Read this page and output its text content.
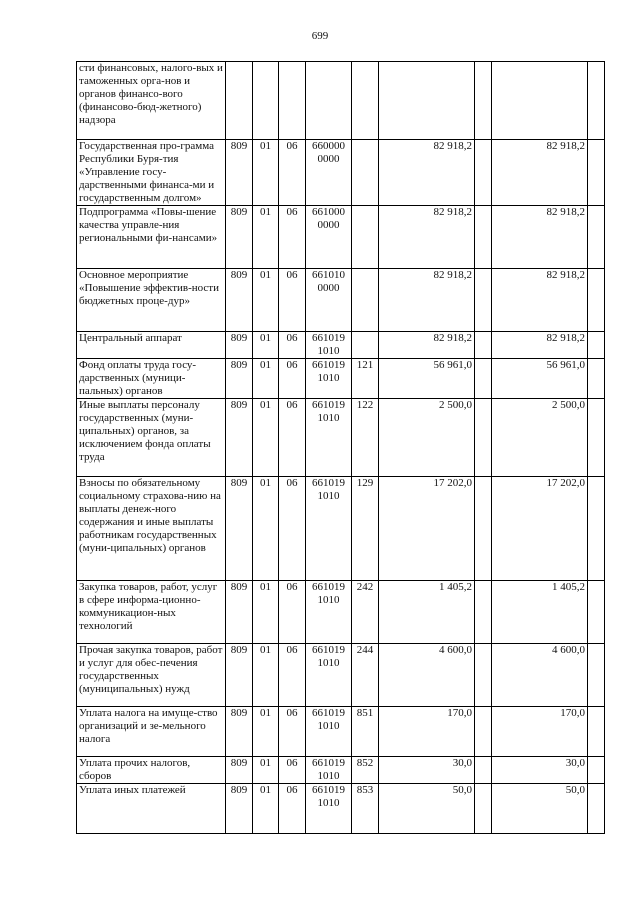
699
сти финансовых, налого-вых и таможенных орга-нов и органов финансо-вого (финансово-бюд-жетного) надзора									
Государственная про-грамма Республики Буря-тия «Управление госу-дарственными финанса-ми и государственным долгом»	809	01	06	660000 0000		82 918,2		82 918,2	
Подпрограмма «Повы-шение качества управле-ния региональными фи-нансами»	809	01	06	661000 0000		82 918,2		82 918,2	
Основное мероприятие «Повышение эффектив-ности бюджетных проце-дур»	809	01	06	661010 0000		82 918,2		82 918,2	
Центральный аппарат	809	01	06	661019 1010		82 918,2		82 918,2	
Фонд оплаты труда госу-дарственных (муници-пальных) органов	809	01	06	661019 1010	121	56 961,0		56 961,0	
Иные выплаты персоналу государственных (муни-ципальных) органов, за исключением фонда оплаты труда	809	01	06	661019 1010	122	2 500,0		2 500,0	
Взносы по обязательному социальному страхова-нию на выплаты денеж-ного содержания и иные выплаты работникам государственных (муни-ципальных) органов	809	01	06	661019 1010	129	17 202,0		17 202,0	
Закупка товаров, работ, услуг в сфере информа-ционно-коммуникацион-ных технологий	809	01	06	661019 1010	242	1 405,2		1 405,2	
Прочая закупка товаров, работ и услуг для обес-печения государственных (муниципальных) нужд	809	01	06	661019 1010	244	4 600,0		4 600,0	
Уплата налога на имуще-ство организаций и зе-мельного налога	809	01	06	661019 1010	851	170,0		170,0	
Уплата прочих налогов, сборов	809	01	06	661019 1010	852	30,0		30,0	
Уплата иных платежей	809	01	06	661019 1010	853	50,0		50,0	
